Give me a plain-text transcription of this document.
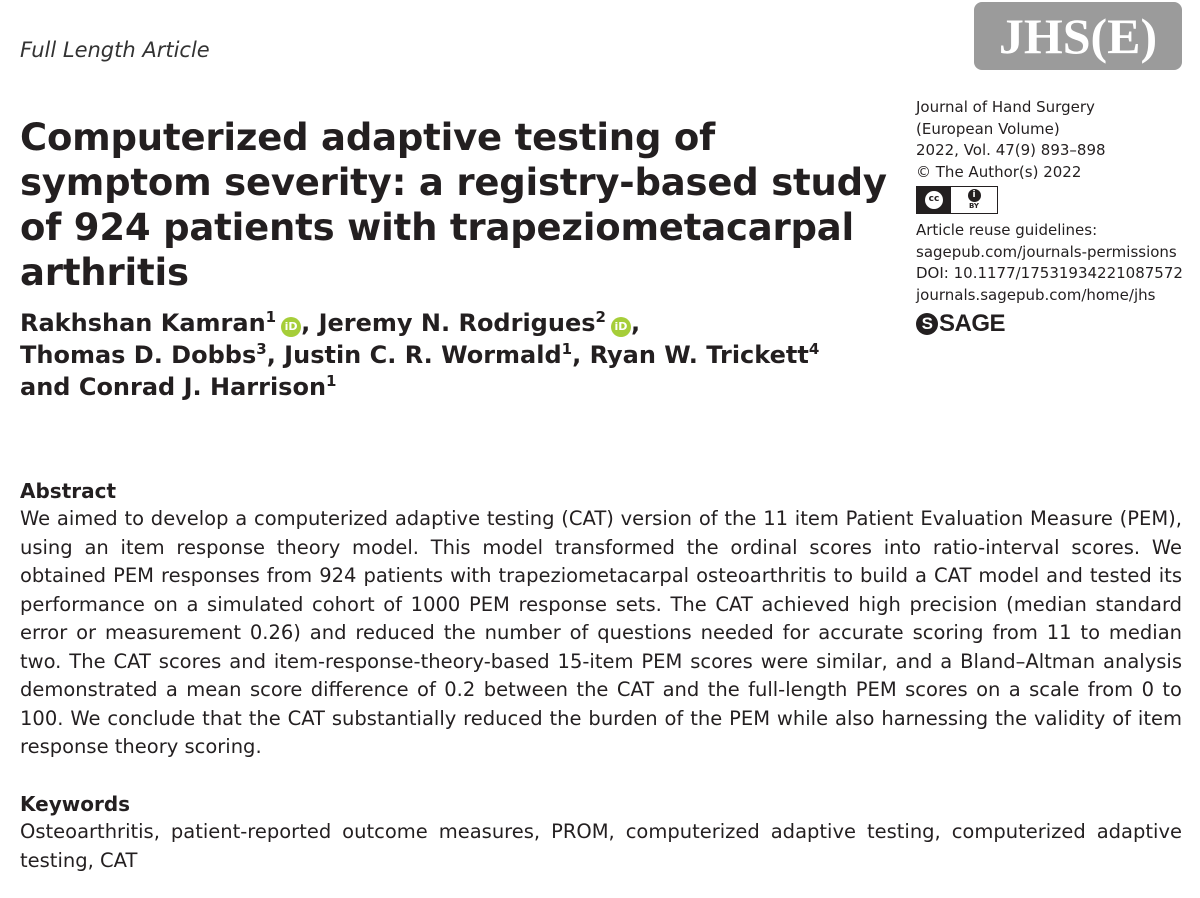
Full Length Article	JHS(E)
Computerized adaptive testing of symptom severity: a registry-based study of 924 patients with trapeziometacarpal arthritis

Rakhshan Kamran$^1$iD , Jeremy N. Rodrigues$^2$iD ,
Thomas D. Dobbs$^3$, Justin C. R. Wormald$^1$, Ryan W. Trickett$^4$
and Conrad J. Harrison$^1$

Journal of Hand Surgery
(European Volume)
2022, Vol. 47(9) 893–898
© The Author(s) 2022
cc	i
BY
Article reuse guidelines:
sagepub.com/journals-permissions
DOI: 10.1177/17531934221087572
journals.sagepub.com/home/jhs
S SAGE
Abstract

We aimed to develop a computerized adaptive testing (CAT) version of the 11 item Patient Evaluation Measure (PEM), using an item response theory model. This model transformed the ordinal scores into ratio-interval scores. We obtained PEM responses from 924 patients with trapeziometacarpal osteoarthritis to build a CAT model and tested its performance on a simulated cohort of 1000 PEM response sets. The CAT achieved high precision (median standard error or measurement 0.26) and reduced the number of questions needed for accurate scoring from 11 to median two. The CAT scores and item-response-theory-based 15-item PEM scores were similar, and a Bland–Altman analysis demonstrated a mean score difference of 0.2 between the CAT and the full-length PEM scores on a scale from 0 to 100. We conclude that the CAT substantially reduced the burden of the PEM while also harnessing the validity of item response theory scoring.

Keywords

Osteoarthritis, patient-reported outcome measures, PROM, computerized adaptive testing, computerized adaptive testing, CAT
